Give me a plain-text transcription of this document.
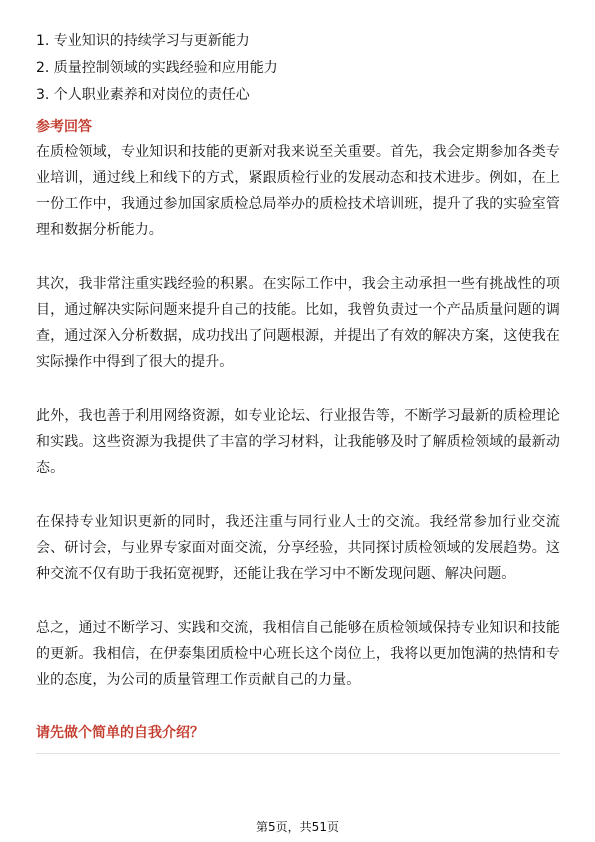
1. 专业知识的持续学习与更新能力
2. 质量控制领域的实践经验和应用能力
3. 个人职业素养和对岗位的责任心
参考回答

在质检领域，专业知识和技能的更新对我来说至关重要。首先，我会定期参加各类专业培训，通过线上和线下的方式，紧跟质检行业的发展动态和技术进步。例如，在上一份工作中，我通过参加国家质检总局举办的质检技术培训班，提升了我的实验室管理和数据分析能力。

其次，我非常注重实践经验的积累。在实际工作中，我会主动承担一些有挑战性的项目，通过解决实际问题来提升自己的技能。比如，我曾负责过一个产品质量问题的调查，通过深入分析数据，成功找出了问题根源，并提出了有效的解决方案，这使我在实际操作中得到了很大的提升。

此外，我也善于利用网络资源，如专业论坛、行业报告等，不断学习最新的质检理论和实践。这些资源为我提供了丰富的学习材料，让我能够及时了解质检领域的最新动态。

在保持专业知识更新的同时，我还注重与同行业人士的交流。我经常参加行业交流会、研讨会，与业界专家面对面交流，分享经验，共同探讨质检领域的发展趋势。这种交流不仅有助于我拓宽视野，还能让我在学习中不断发现问题、解决问题。

总之，通过不断学习、实践和交流，我相信自己能够在质检领域保持专业知识和技能的更新。我相信，在伊泰集团质检中心班长这个岗位上，我将以更加饱满的热情和专业的态度，为公司的质量管理工作贡献自己的力量。

请先做个简单的自我介绍？
第5页，共51页
